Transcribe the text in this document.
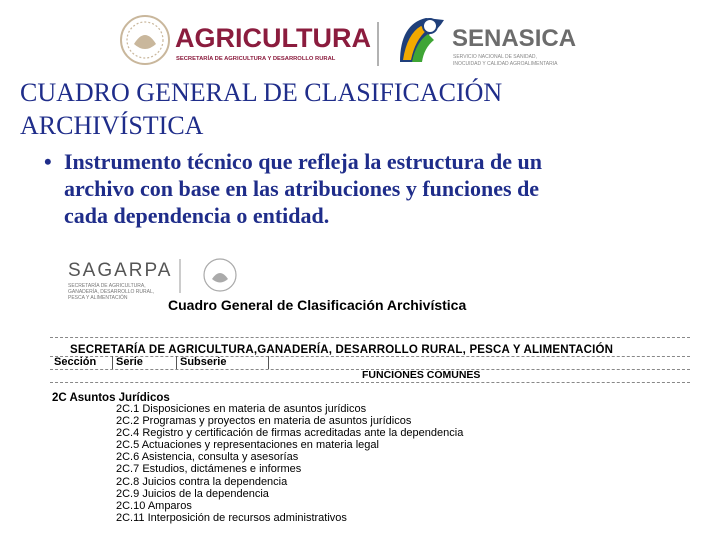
AGRICULTURA
SECRETARÍA DE AGRICULTURA Y DESARROLLO RURAL
SENASICA
SERVICIO NACIONAL DE SANIDAD,
INOCUIDAD Y CALIDAD AGROALIMENTARIA
CUADRO GENERAL DE CLASIFICACIÓN
ARCHIVÍSTICA
• Instrumento técnico que refleja la estructura de un
archivo con base en las atribuciones y funciones de
cada dependencia o entidad.
SAGARPA
SECRETARÍA DE AGRICULTURA, GANADERÍA, DESARROLLO RURAL, PESCA Y ALIMENTACIÓN	Cuadro General de Clasificación Archivística
SECRETARÍA DE AGRICULTURA,GANADERÍA, DESARROLLO RURAL, PESCA Y ALIMENTACIÓN
Sección	Serie	Subserie
FUNCIONES COMUNES
2C Asuntos Jurídicos
2C.1 Disposiciones en materia de asuntos jurídicos
2C.2 Programas y proyectos en materia de asuntos jurídicos
2C.4 Registro y certificación de firmas acreditadas ante la dependencia
2C.5 Actuaciones y representaciones en materia legal
2C.6 Asistencia, consulta y asesorías
2C.7 Estudios, dictámenes e informes
2C.8 Juicios contra la dependencia
2C.9 Juicios de la dependencia
2C.10 Amparos
2C.11 Interposición de recursos administrativos
